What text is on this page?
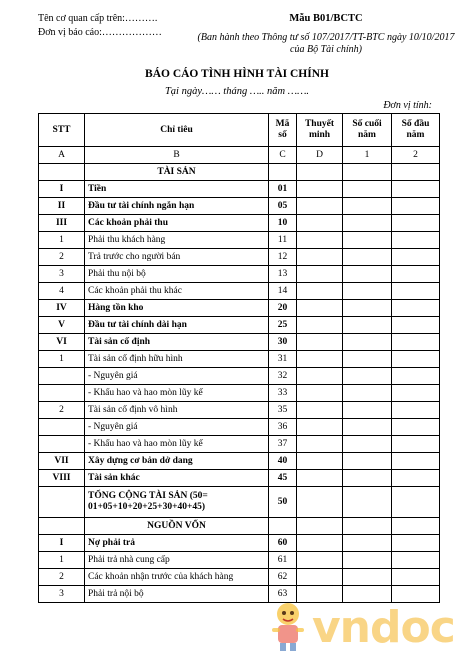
Tên cơ quan cấp trên:……….
Đơn vị báo cáo:………………
Mẫu B01/BCTC
(Ban hành theo Thông tư số 107/2017/TT-BTC ngày 10/10/2017 của Bộ Tài chính)
BÁO CÁO TÌNH HÌNH TÀI CHÍNH
Tại ngày…… tháng ….. năm …….
Đơn vị tính:
STT	Chỉ tiêu	Mã số	Thuyết minh	Số cuối năm	Số đầu năm
A	B	C	D	1	2
	TÀI SẢN				
I	Tiền	01			
II	Đầu tư tài chính ngắn hạn	05			
III	Các khoản phải thu	10			
1	Phải thu khách hàng	11			
2	Trả trước cho người bán	12			
3	Phải thu nội bộ	13			
4	Các khoản phải thu khác	14			
IV	Hàng tồn kho	20			
V	Đầu tư tài chính dài hạn	25			
VI	Tài sản cố định	30			
1	Tài sản cố định hữu hình	31			
	- Nguyên giá	32			
	- Khấu hao và hao mòn lũy kế	33			
2	Tài sản cố định vô hình	35			
	- Nguyên giá	36			
	- Khấu hao và hao mòn lũy kế	37			
VII	Xây dựng cơ bản dở dang	40			
VIII	Tài sản khác	45			
	TỔNG CỘNG TÀI SẢN (50= 01+05+10+20+25+30+40+45)	50			
	NGUỒN VỐN				
I	Nợ phải trả	60			
1	Phải trả nhà cung cấp	61			
2	Các khoản nhận trước của khách hàng	62			
3	Phải trả nội bộ	63			
vndoc
